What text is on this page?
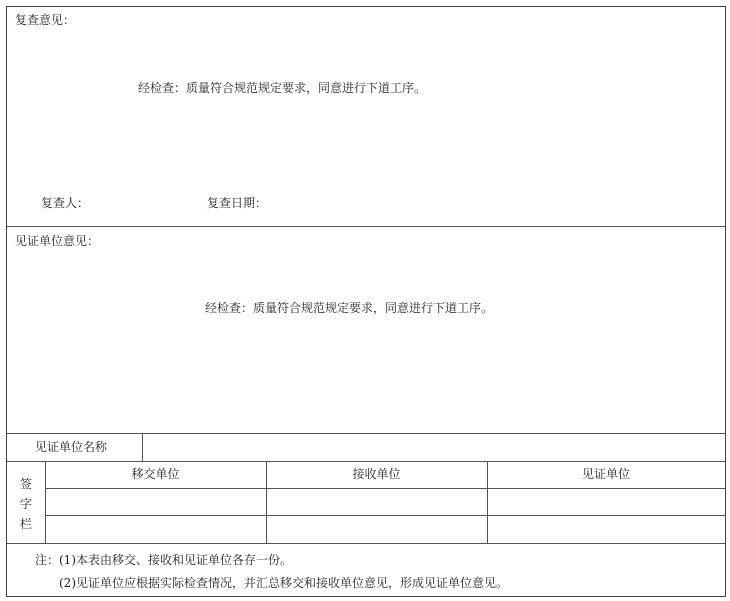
复查意见：
经检查：质量符合规范规定要求，同意进行下道工序。
复查人：	复查日期：
见证单位意见：
经检查：质量符合规范规定要求，同意进行下道工序。
见证单位名称
签
字
栏
移交单位	接收单位	见证单位
注：(1)本表由移交、接收和见证单位各存一份。
(2)见证单位应根据实际检查情况，并汇总移交和接收单位意见，形成见证单位意见。
